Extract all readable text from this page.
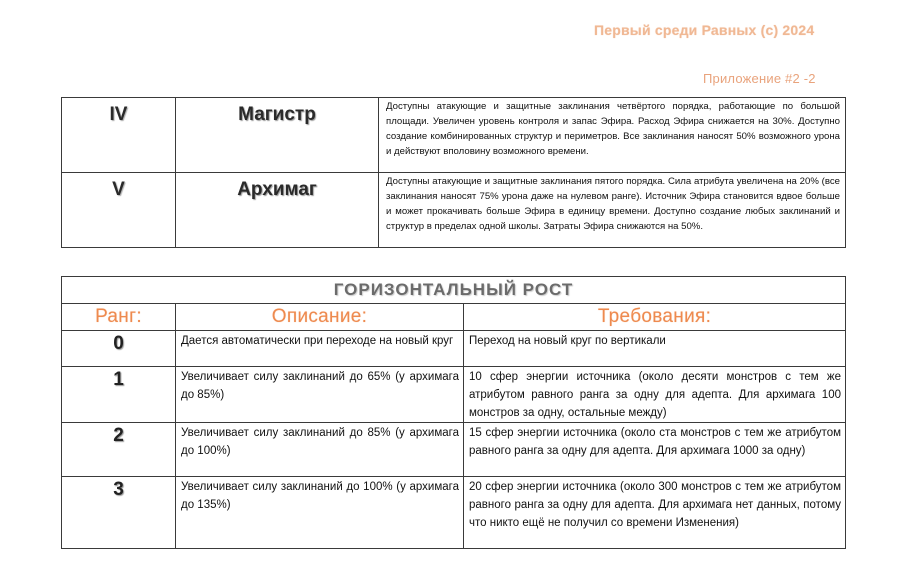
Первый среди Равных (с) 2024
Приложение #2 -2
IV	Магистр	Доступны атакующие и защитные заклинания четвёртого порядка, работающие по большой площади. Увеличен уровень контроля и запас Эфира. Расход Эфира снижается на 30%. Доступно создание комбинированных структур и периметров. Все заклинания наносят 50% возможного урона и действуют вполовину возможного времени.
V	Архимаг	Доступны атакующие и защитные заклинания пятого порядка. Сила атрибута увеличена на 20% (все заклинания наносят 75% урона даже на нулевом ранге). Источник Эфира становится вдвое больше и может прокачивать больше Эфира в единицу времени. Доступно создание любых заклинаний и структур в пределах одной школы. Затраты Эфира снижаются на 50%.
ГОРИЗОНТАЛЬНЫЙ РОСТ		
Ранг:	Описание:	Требования:
0	Дается автоматически при переходе на новый круг	Переход на новый круг по вертикали
1	Увеличивает силу заклинаний до 65% (у архимага до 85%)	10 сфер энергии источника (около десяти монстров с тем же атрибутом равного ранга за одну для адепта. Для архимага 100 монстров за одну, остальные между)
2	Увеличивает силу заклинаний до 85% (у архимага до 100%)	15 сфер энергии источника (около ста монстров с тем же атрибутом равного ранга за одну для адепта. Для архимага 1000 за одну)
3	Увеличивает силу заклинаний до 100% (у архимага до 135%)	20 сфер энергии источника (около 300 монстров с тем же атрибутом равного ранга за одну для адепта. Для архимага нет данных, потому что никто ещё не получил со времени Изменения)
